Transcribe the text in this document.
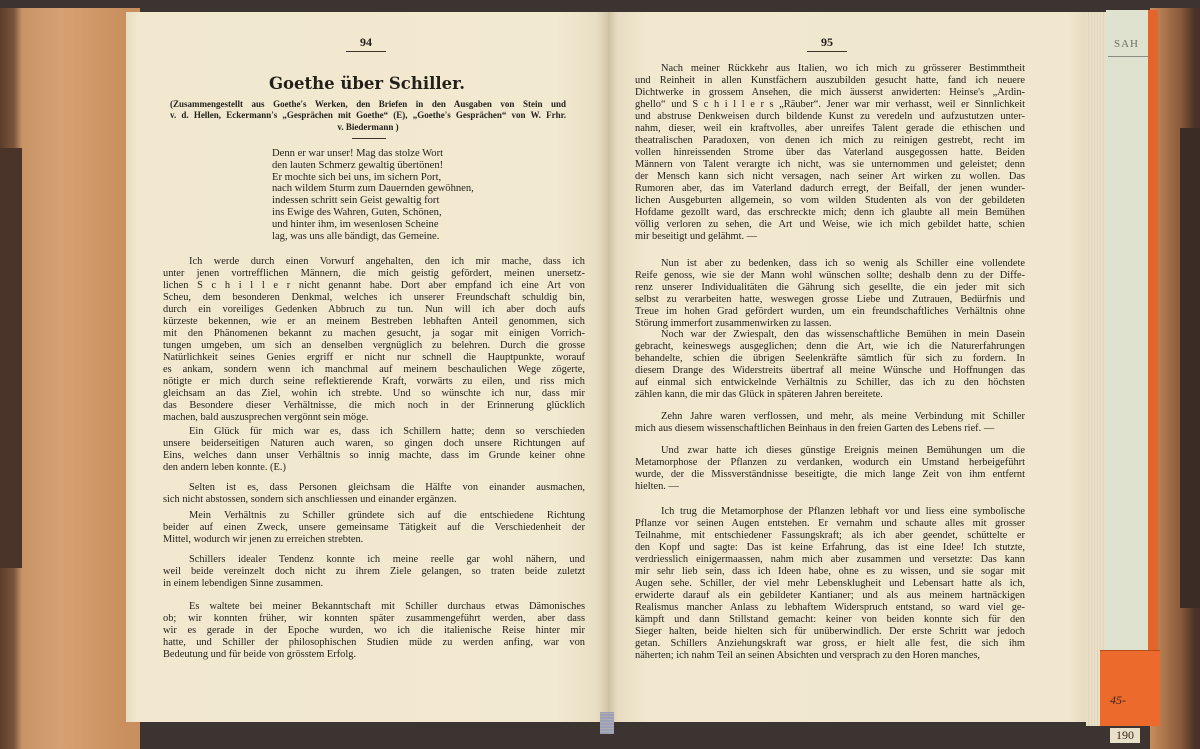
94
Goethe über Schiller.
(Zusammengestellt aus Goethe's Werken, den Briefen in den Ausgaben von Stein und
v. d. Hellen, Eckermann's „Gesprächen mit Goethe“ (E), „Goethe's Gesprächen“ von W. Frhr.
v. Biedermann )
Denn er war unser! Mag das stolze Wort
den lauten Schmerz gewaltig übertönen!
Er mochte sich bei uns, im sichern Port,
nach wildem Sturm zum Dauernden gewöhnen,
indessen schritt sein Geist gewaltig fort
ins Ewige des Wahren, Guten, Schönen,
und hinter ihm, im wesenlosen Scheine
lag, was uns alle bändigt, das Gemeine.
Ich werde durch einen Vorwurf angehalten, den ich mir mache, dass ich
unter jenen vortrefflichen Männern, die mich geistig gefördert, meinen unersetz-
lichen S c h i l l e r nicht genannt habe. Dort aber empfand ich eine Art von
Scheu, dem besonderen Denkmal, welches ich unserer Freundschaft schuldig bin,
durch ein voreiliges Gedenken Abbruch zu tun. Nun will ich aber doch aufs
kürzeste bekennen, wie er an meinem Bestreben lebhaften Anteil genommen, sich
mit den Phänomenen bekannt zu machen gesucht, ja sogar mit einigen Vorrich-
tungen umgeben, um sich an denselben vergnüglich zu belehren. Durch die grosse
Natürlichkeit seines Genies ergriff er nicht nur schnell die Hauptpunkte, worauf
es ankam, sondern wenn ich manchmal auf meinem beschaulichen Wege zögerte,
nötigte er mich durch seine reflektierende Kraft, vorwärts zu eilen, und riss mich
gleichsam an das Ziel, wohin ich strebte. Und so wünschte ich nur, dass mir
das Besondere dieser Verhältnisse, die mich noch in der Erinnerung glücklich
machen, bald auszusprechen vergönnt sein möge.
Ein Glück für mich war es, dass ich Schillern hatte; denn so verschieden
unsere beiderseitigen Naturen auch waren, so gingen doch unsere Richtungen auf
Eins, welches dann unser Verhältnis so innig machte, dass im Grunde keiner ohne
den andern leben konnte. (E.)
Selten ist es, dass Personen gleichsam die Hälfte von einander ausmachen,
sich nicht abstossen, sondern sich anschliessen und einander ergänzen.
Mein Verhältnis zu Schiller gründete sich auf die entschiedene Richtung
beider auf einen Zweck, unsere gemeinsame Tätigkeit auf die Verschiedenheit der
Mittel, wodurch wir jenen zu erreichen strebten.
Schillers idealer Tendenz konnte ich meine reelle gar wohl nähern, und
weil beide vereinzelt doch nicht zu ihrem Ziele gelangen, so traten beide zuletzt
in einem lebendigen Sinne zusammen.
Es waltete bei meiner Bekanntschaft mit Schiller durchaus etwas Dämonisches
ob; wir konnten früher, wir konnten später zusammengeführt werden, aber dass
wir es gerade in der Epoche wurden, wo ich die italienische Reise hinter mir
hatte, und Schiller der philosophischen Studien müde zu werden anfing, war von
Bedeutung und für beide von grösstem Erfolg.
95
Nach meiner Rückkehr aus Italien, wo ich mich zu grösserer Bestimmtheit
und Reinheit in allen Kunstfächern auszubilden gesucht hatte, fand ich neuere
Dichtwerke in grossem Ansehen, die mich äusserst anwiderten: Heinse's „Ardin-
ghello“ und S c h i l l e r s „Räuber“. Jener war mir verhasst, weil er Sinnlichkeit
und abstruse Denkweisen durch bildende Kunst zu veredeln und aufzustutzen unter-
nahm, dieser, weil ein kraftvolles, aber unreifes Talent gerade die ethischen und
theatralischen Paradoxen, von denen ich mich zu reinigen gestrebt, recht im
vollen hinreissenden Strome über das Vaterland ausgegossen hatte. Beiden
Männern von Talent verargte ich nicht, was sie unternommen und geleistet; denn
der Mensch kann sich nicht versagen, nach seiner Art wirken zu wollen. Das
Rumoren aber, das im Vaterland dadurch erregt, der Beifall, der jenen wunder-
lichen Ausgeburten allgemein, so vom wilden Studenten als von der gebildeten
Hofdame gezollt ward, das erschreckte mich; denn ich glaubte all mein Bemühen
völlig verloren zu sehen, die Art und Weise, wie ich mich gebildet hatte, schien
mir beseitigt und gelähmt. —
Nun ist aber zu bedenken, dass ich so wenig als Schiller eine vollendete
Reife genoss, wie sie der Mann wohl wünschen sollte; deshalb denn zu der Diffe-
renz unserer Individualitäten die Gährung sich gesellte, die ein jeder mit sich
selbst zu verarbeiten hatte, weswegen grosse Liebe und Zutrauen, Bedürfnis und
Treue im hohen Grad gefördert wurden, um ein freundschaftliches Verhältnis ohne
Störung immerfort zusammenwirken zu lassen.
Noch war der Zwiespalt, den das wissenschaftliche Bemühen in mein Dasein
gebracht, keineswegs ausgeglichen; denn die Art, wie ich die Naturerfahrungen
behandelte, schien die übrigen Seelenkräfte sämtlich für sich zu fordern. In
diesem Drange des Widerstreits übertraf all meine Wünsche und Hoffnungen das
auf einmal sich entwickelnde Verhältnis zu Schiller, das ich zu den höchsten
zählen kann, die mir das Glück in späteren Jahren bereitete.
Zehn Jahre waren verflossen, und mehr, als meine Verbindung mit Schiller
mich aus diesem wissenschaftlichen Beinhaus in den freien Garten des Lebens rief. —
Und zwar hatte ich dieses günstige Ereignis meinen Bemühungen um die
Metamorphose der Pflanzen zu verdanken, wodurch ein Umstand herbeigeführt
wurde, der die Missverständnisse beseitigte, die mich lange Zeit von ihm entfernt
hielten. —
Ich trug die Metamorphose der Pflanzen lebhaft vor und liess eine symbolische
Pflanze vor seinen Augen entstehen. Er vernahm und schaute alles mit grosser
Teilnahme, mit entschiedener Fassungskraft; als ich aber geendet, schüttelte er
den Kopf und sagte: Das ist keine Erfahrung, das ist eine Idee! Ich stutzte,
verdriesslich einigermaassen, nahm mich aber zusammen und versetzte: Das kann
mir sehr lieb sein, dass ich Ideen habe, ohne es zu wissen, und sie sogar mit
Augen sehe. Schiller, der viel mehr Lebensklugheit und Lebensart hatte als ich,
erwiderte darauf als ein gebildeter Kantianer; und als aus meinem hartnäckigen
Realismus mancher Anlass zu lebhaftem Widerspruch entstand, so ward viel ge-
kämpft und dann Stillstand gemacht: keiner von beiden konnte sich für den
Sieger halten, beide hielten sich für unüberwindlich. Der erste Schritt war jedoch
getan. Schillers Anziehungskraft war gross, er hielt alle fest, die sich ihm
näherten; ich nahm Teil an seinen Absichten und versprach zu den Horen manches,
SAH
45-
190
